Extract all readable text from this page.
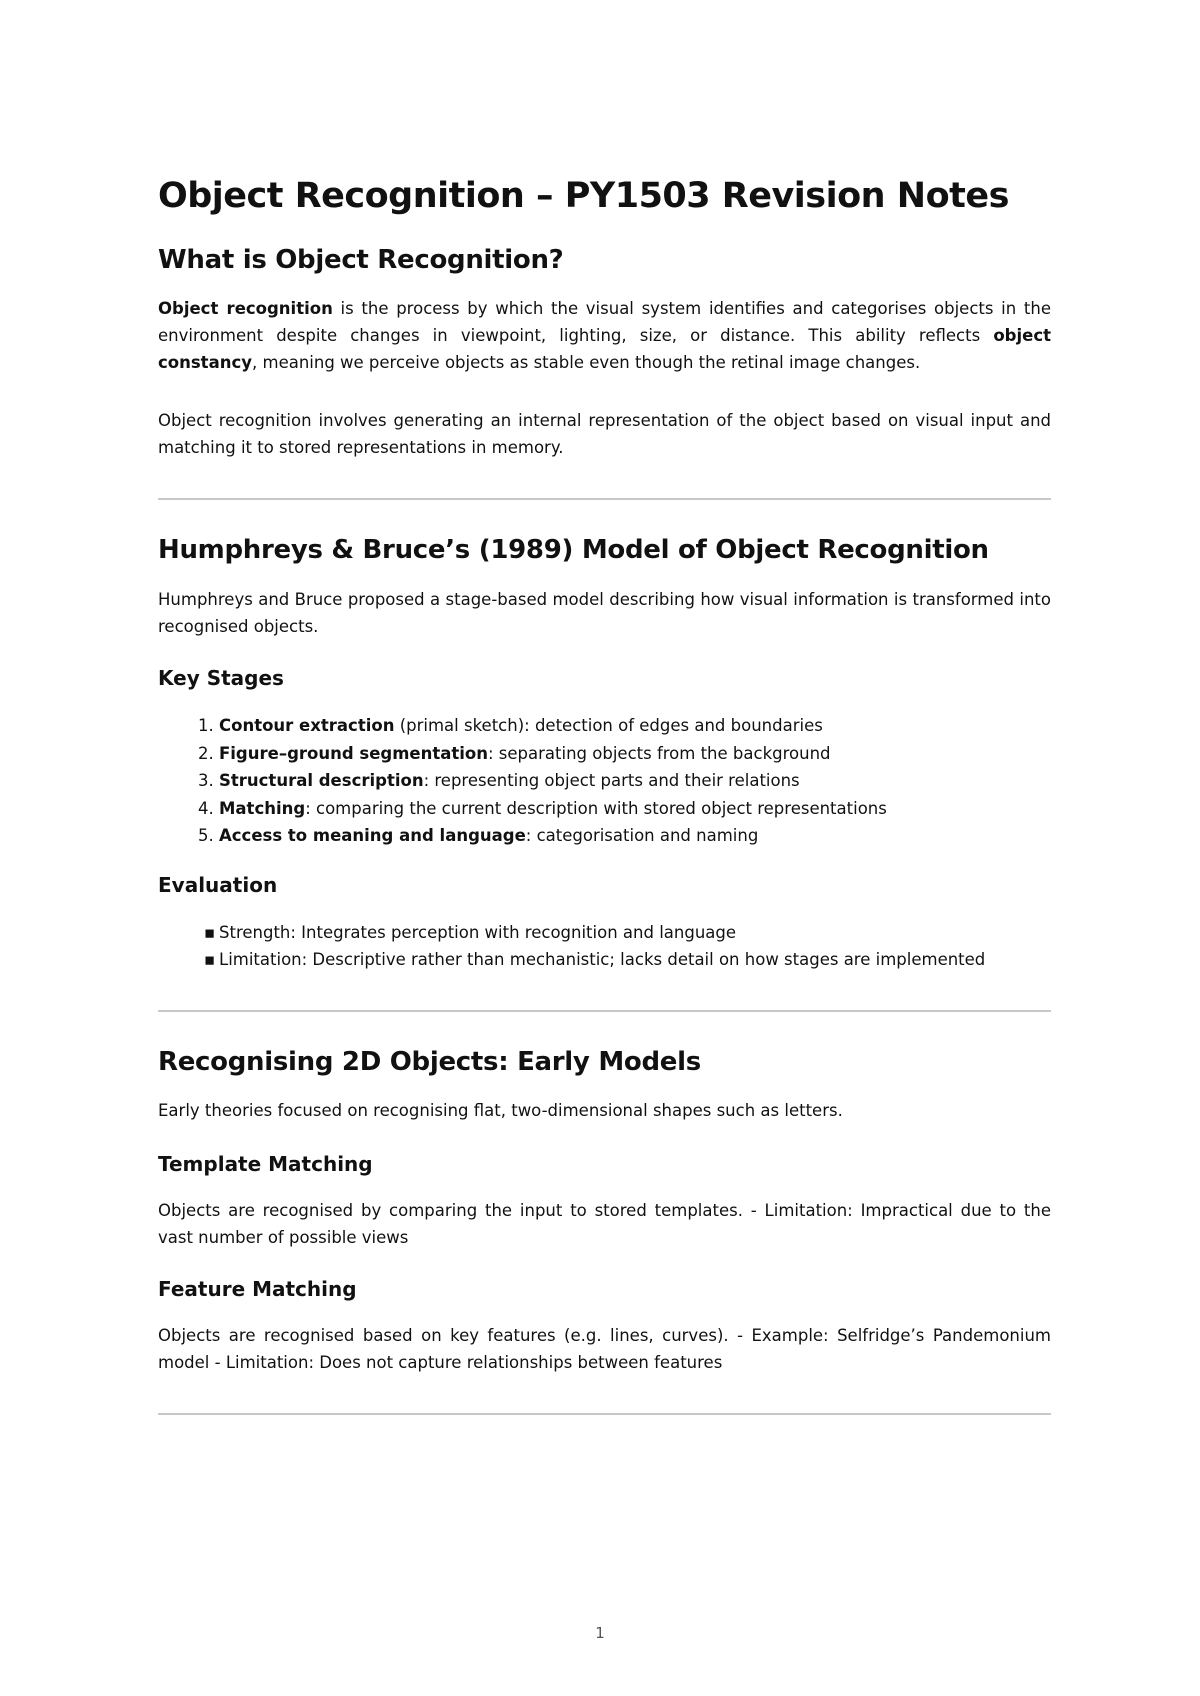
Object Recognition – PY1503 Revision Notes
What is Object Recognition?

Object recognition is the process by which the visual system identifies and categorises objects in the environment despite changes in viewpoint, lighting, size, or distance. This ability reflects object constancy, meaning we perceive objects as stable even though the retinal image changes.

Object recognition involves generating an internal representation of the object based on visual input and matching it to stored representations in memory.

Humphreys & Bruce’s (1989) Model of Object Recognition

Humphreys and Bruce proposed a stage-based model describing how visual information is transformed into recognised objects.

Key Stages
1. Contour extraction (primal sketch): detection of edges and boundaries
2. Figure–ground segmentation: separating objects from the background
3. Structural description: representing object parts and their relations
4. Matching: comparing the current description with stored object representations
5. Access to meaning and language: categorisation and naming
Evaluation
▪ Strength: Integrates perception with recognition and language
▪ Limitation: Descriptive rather than mechanistic; lacks detail on how stages are implemented
Recognising 2D Objects: Early Models

Early theories focused on recognising flat, two-dimensional shapes such as letters.

Template Matching

Objects are recognised by comparing the input to stored templates. - Limitation: Impractical due to the vast number of possible views

Feature Matching

Objects are recognised based on key features (e.g. lines, curves). - Example: Selfridge’s Pandemonium model - Limitation: Does not capture relationships between features

1
